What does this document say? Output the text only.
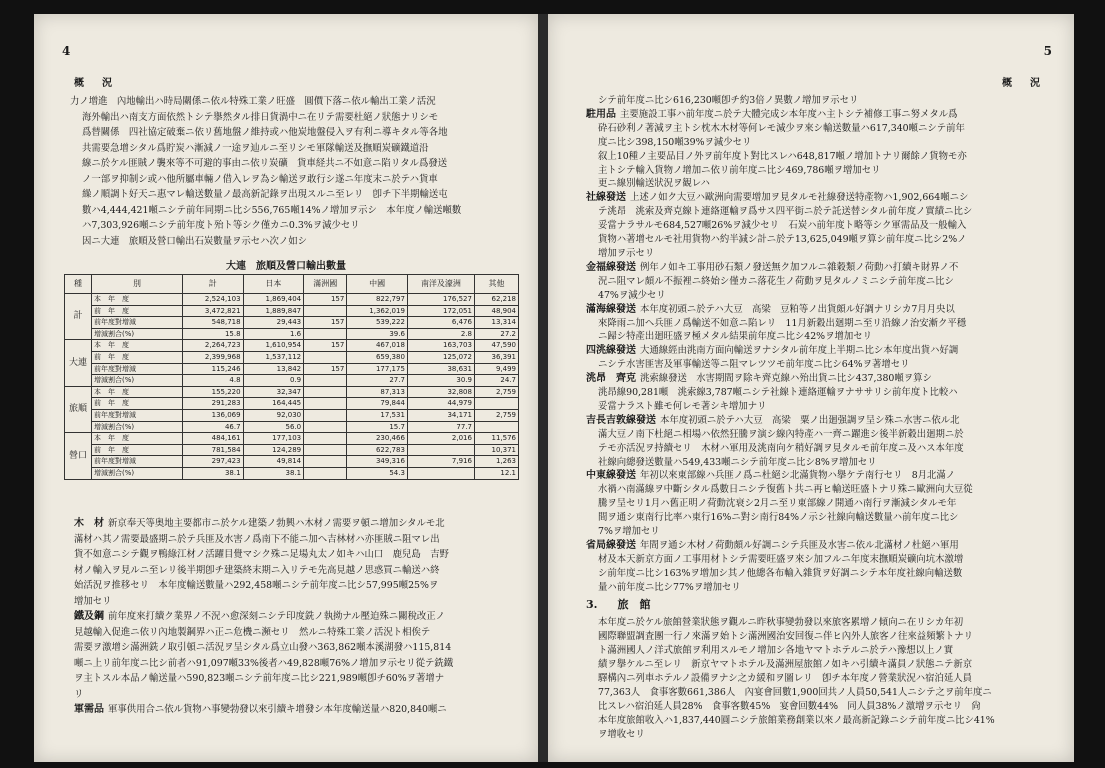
4
概　況

力ノ增進　內地輸出ハ時局關係ニ依ル特殊工業ノ旺盛　圓價下落ニ依ル輸出工業ノ活況

海外輸出ハ南支方面依然トシテ擧然タル排日貨渦中ニ在リテ需要杜絕ノ狀態ナリシモ

爲替關係　四社協定破棄ニ依リ舊地盤ノ維持或ハ他炭地盤侵入ヲ有利ニ導キタル等各地

共需要急增シタル爲貯炭ハ漸減ノ一途ヲ辿ルニ至リシモ軍隊輸送及撫順炭礦鐵道沿

線ニ於ケル匪賊ノ襲來等不可避的事由ニ依リ炭礦　貨車経共ニ不如意ニ陷リタル爲發送

ノ一部ヲ抑制シ或ハ他所屬車輛ノ借入レヲ為シ輸送ヲ敢行シ遂ニ年度末ニ於テハ貨車

繰ノ順調ト好天ニ惠マレ輸送數量ノ最高新記錄ヲ出現スルニ至レリ　卽チ下半期輸送屯

數ハ4,444,421噸ニシテ前年同期ニ比シ556,765噸14%ノ增加ヲ示シ　本年度ノ輸送噸數

ハ7,303,926噸ニシテ前年度ト殆ト等シク僅カニ0.3%ヲ減少セリ

因ニ大連　旅順及營口輸出石炭數量ヲ示セハ次ノ如シ

大連　旅順及營口輸出數量
種	別	計	日本	滿洲國	中國	南洋及濠洲	其他
計	本　年　度	2,524,103	1,869,404	157	822,797	176,527	62,218
	前　年　度	3,472,821	1,889,847		1,362,019	172,051	48,904
	前年度對增減	548,718	29,443	157	539,222	6,476	13,314
	增減割合(%)	15.8	1.6		39.6	2.8	27.2
大連	本　年　度	2,264,723	1,610,954	157	467,018	163,703	47,590
	前　年　度	2,399,968	1,537,112		659,380	125,072	36,391
	前年度對增減	115,246	13,842	157	177,175	38,631	9,499
	增減割合(%)	4.8	0.9		27.7	30.9	24.7
旅順	本　年　度	155,220	32,347		87,313	32,808	2,759
	前　年　度	291,283	164,445		79,844	44,979	
	前年度對增減	136,069	92,030		17,531	34,171	2,759
	增減割合(%)	46.7	56.0		15.7	77.7	
營口	本　年　度	484,161	177,103		230,466	2,016	11,576
	前　年　度	781,584	124,289		622,783		10,371
	前年度對增減	297,423	49,814		349,316	7,916	1,263
	增減割合(%)	38.1	38.1		54.3		12.1

木　材 新京奉天等奥地主要都市ニ於ケル建築ノ勃興ハ木材ノ需要ヲ頓ニ增加シタルモ北

滿材ハ其ノ需要最盛期ニ於テ兵匪及水害ノ爲南下不能ニ加ヘ吉林材ハ亦匪賊ニ阻マレ出

貨不如意ニシテ觀ヲ鴨綠江材ノ活躍目覺マシク殊ニ足場丸太ノ如キハ山口　鹿兒島　吉野

材ノ輸入ヲ見ルニ至レリ後半期卽チ建築終末期ニ入リテモ先高見越ノ思惑買ニ輸送ハ終

始活況ヲ推移セリ　本年度輸送數量ハ292,458噸ニシテ前年度ニ比シ57,995噸25%ヲ

增加セリ

鐵及鋼 前年度來打續ク業界ノ不況ハ愈深刻ニシテ印度銑ノ執拗ナル壓迫殊ニ關稅改正ノ

見越輸入促進ニ依リ內地製鋼界ハ正ニ危機ニ瀕セリ　然ルニ特殊工業ノ活況ト相俟テ

需要ヲ激增シ滿洲銑ノ取引頓ニ活況ヲ呈シタル爲立山發ハ363,862噸本溪湖發ハ115,814

噸ニ上リ前年度ニ比シ前者ハ91,097噸33%後者ハ49,828噸76%ノ增加ヲ示セリ從テ銑鐵

ヲ主トスル本品ノ輸送量ハ590,823噸ニシテ前年度ニ比シ221,989噸卽チ60%ヲ著增ナ

リ

軍需品 軍事供用合ニ依ル貨物ハ事變勃發以來引續キ增發シ本年度輸送量ハ820,840噸ニ

5
概　況

シテ前年度ニ比シ616,230噸卽チ約3倍ノ異數ノ增加ヲ示セリ

駐用品 主要施設工事ハ前年度ニ於テ大體完成シ本年度ハ主トシテ補修工事ニ努メタル爲

砕石砂利ノ著減ヲ主トシ枕木木材等何レモ減少ヲ來シ輸送數量ハ617,340噸ニシテ前年

度ニ比シ398,150噸39%ヲ減少セリ

叙上10種ノ主要品目ノ外ヲ前年度ト對比スレハ648,817噸ノ增加トナリ爾餘ノ貨物モ亦

主トシテ輸入貨物ノ增加ニ依リ前年度ニ比シ469,786噸ヲ增加セリ

更ニ線別輸送狀況ヲ観レハ

社線發送 上述ノ如ク大豆ハ歐洲向需要增加ヲ見タルモ社線發送特產物ハ1,902,664噸ニシ

テ洮昂　洮索及齊克線ト連絡運輸ヲ爲サス四平街ニ於テ託送替シタル前年度ノ實績ニ比シ

妥當ナラサルモ684,527噸26%ヲ減少セリ　石炭ハ前年度ト略等シク軍需品及一般輸入

貨物ハ著增セルモ社用貨物ハ約半減シ計ニ於テ13,625,049噸ヲ算シ前年度ニ比シ2%ノ

增加ヲ示セリ

金福線發送 例年ノ如キ工事用砂石類ノ發送無ク加フルニ雜穀類ノ荷動ハ打續キ財界ノ不

況ニ阻マレ頗ル不振裡ニ終始シ僅カニ落花生ノ荷動ヲ見タルノミニシテ前年度ニ比シ

47%ヲ減少セリ

滿海線發送 本年度初頭ニ於テハ大豆　高梁　豆粕等ノ出貨頗ル好調ナリシカ7月月央以

來降雨ニ加ヘ兵匪ノ爲輸送不如意ニ陷レリ　11月新穀出廻期ニ至リ沿線ノ治安漸ク平穩

ニ歸シ特產出廻旺盛ヲ極メタル結果前年度ニ比シ42%ヲ增加セリ

四洮線發送 大通線經由洮南方面向輸送ヲナシタル前年度上半期ニ比シ本年度出貨ハ好調

ニシテ水害匪害及軍事輸送等ニ阻マレツツモ前年度ニ比シ64%ヲ著增セリ

洮昂　齊克 洮索線發送　水害期間ヲ除キ齊克線ハ殆出貨ニ比シ437,380噸ヲ算シ

洮昂線90,281噸　洮索線3,787噸ニシテ社線ト連絡運輸ヲナササリシ前年度ト比較ハ

妥當ナラスト雖モ何レモ著シキ增加ナリ

吉長吉敦線發送 本年度初頭ニ於テハ大豆　高梁　粟ノ出廻强調ヲ呈シ殊ニ水害ニ依ル北

滿大豆ノ南下杜絕ニ相場ハ依然狂騰ヲ演シ線內特產ハ一齊ニ躍進シ後半新穀出廻期ニ於

テモ亦活況ヲ持續セリ　木材ハ軍用及洮南向ケ稍好調ヲ見タルモ前年度ニ及ハス本年度

社線向總發送數量ハ549,433噸ニシテ前年度ニ比シ8%ヲ增加セリ

中東線發送 年初以來東部線ハ兵匪ノ爲ニ杜絕シ北滿貨物ハ擧ケテ南行セリ　8月北滿ノ

水禍ハ南滿線ヲ中斷シタル爲數日ニシテ復舊ト共ニ再ヒ輸送旺盛トナリ殊ニ歐洲向大豆從

騰ヲ呈セリ1月ハ舊正明ノ荷動沈衰シ2月ニ至リ東部線ノ開通ハ南行ヲ漸減シタルモ年

間ヲ通シ東南行比率ハ東行16%ニ對シ南行84%ノ示シ社線向輸送數量ハ前年度ニ比シ

7%ヲ增加セリ

省局線發送 年間ヲ通シ木材ノ荷動頗ル好調ニシテ兵匪及水害ニ依ル北滿材ノ杜絕ハ軍用

材及本天新京方面ノ工事用材トシテ需要旺盛ヲ來シ加フルニ年度末撫順炭礦向坑木激增

シ前年度ニ比シ163%ヲ增加シ其ノ他總各布輸入雜貨ヲ好調ニシテ本年度社線向輸送數

量ハ前年度ニ比シ77%ヲ增加セリ

3. 旅　館

本年度ニ於ケル旅館營業狀態ヲ觀ルニ昨秋事變勃發以來旅客累增ノ傾向ニ在リシカ年初

國際聯盟調査團一行ノ來滿ヲ始トシ滿洲國治安回復ニ伴ヒ內外人旅客ノ往來益頻繁トナリ

ト滿洲國人ノ洋式旅館ヲ利用スルモノ增加シ各地ヤマトホテルニ於テハ豫想以上ノ實

績ヲ擧ケルニ至レリ　新京ヤマトホテル及滿洲屋旅館ノ如キハ引續キ滿員ノ狀態ニテ新京

驛構內ニ列車ホテルノ設備ヲナシ之カ緩和ヲ圖レリ　卽チ本年度ノ營業狀況ハ宿泊延人員

77,363人　食事客數661,386人　內宴會回數1,900回共ノ人員50,541人ニシテ之ヲ前年度ニ

比スレハ宿泊延人員28%　食事客數45%　宴會回數44%　同人員38%ノ激增ヲ示セリ　尙

本年度旅館收入ハ1,837,440圓ニシテ旅館業務創業以來ノ最高新記錄ニシテ前年度ニ比シ41%

ヲ增收セリ
